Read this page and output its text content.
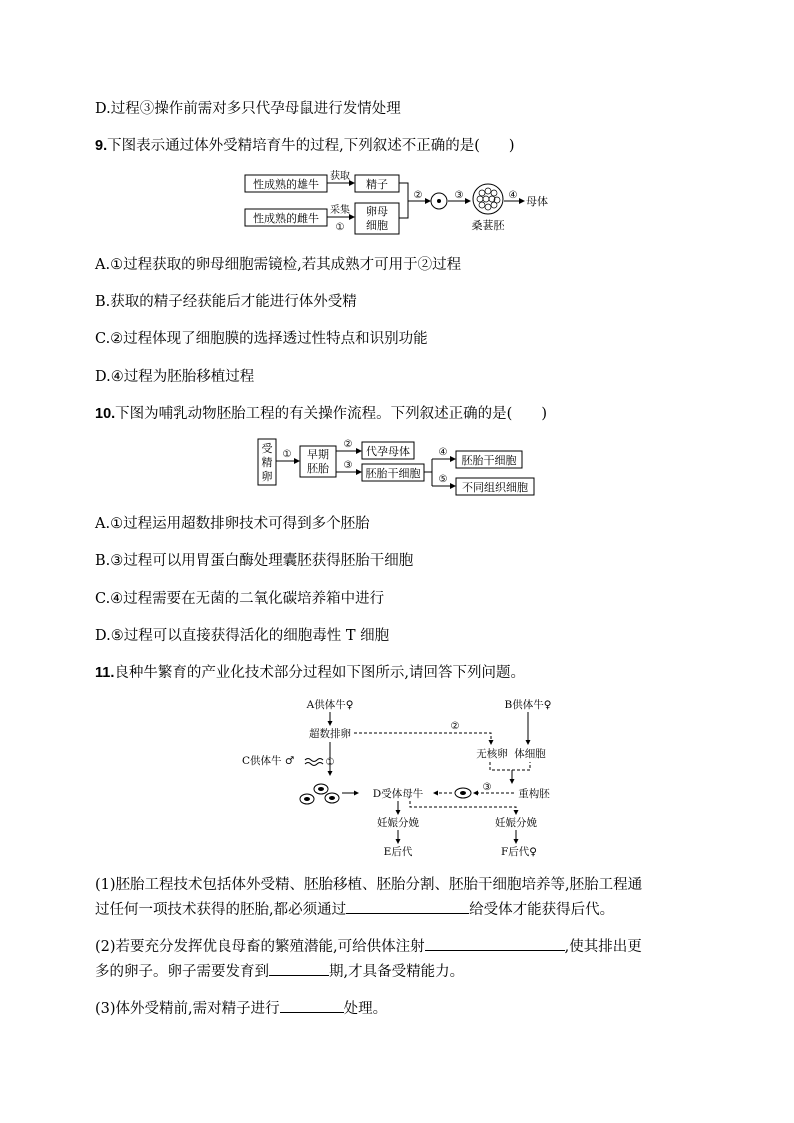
D.过程③操作前需对多只代孕母鼠进行发情处理
9.下图表示通过体外受精培育牛的过程,下列叙述不正确的是(　　)
性成熟的雄牛
性成熟的雌牛
获取
采集
①
精子
卵母
细胞
②	③
桑葚胚
④ 母体
A.①过程获取的卵母细胞需镜检,若其成熟才可用于②过程
B.获取的精子经获能后才能进行体外受精
C.②过程体现了细胞膜的选择透过性特点和识别功能
D.④过程为胚胎移植过程
10.下图为哺乳动物胚胎工程的有关操作流程。下列叙述正确的是(　　)
受
精
卵
① 早期
胚胎
②
③
代孕母体
胚胎干细胞
④
⑤
胚胎干细胞
不同组织细胞
A.①过程运用超数排卵技术可得到多个胚胎
B.③过程可以用胃蛋白酶处理囊胚获得胚胎干细胞
C.④过程需要在无菌的二氧化碳培养箱中进行
D.⑤过程可以直接获得活化的细胞毒性 T 细胞
11.良种牛繁育的产业化技术部分过程如下图所示,请回答下列问题。
A供体牛♀	B供体牛♀
超数排卵
②
无核卵 体细胞
C供体牛 ♂	①
D受体母牛	重构胚
③
妊娠分娩	妊娠分娩
E后代	F后代♀
(1)胚胎工程技术包括体外受精、胚胎移植、胚胎分割、胚胎干细胞培养等,胚胎工程通
过任何一项技术获得的胚胎,都必须通过	给受体才能获得后代。
(2)若要充分发挥优良母畜的繁殖潜能,可给供体注射	,使其排出更
多的卵子。卵子需要发育到	期,才具备受精能力。
(3)体外受精前,需对精子进行	处理。
